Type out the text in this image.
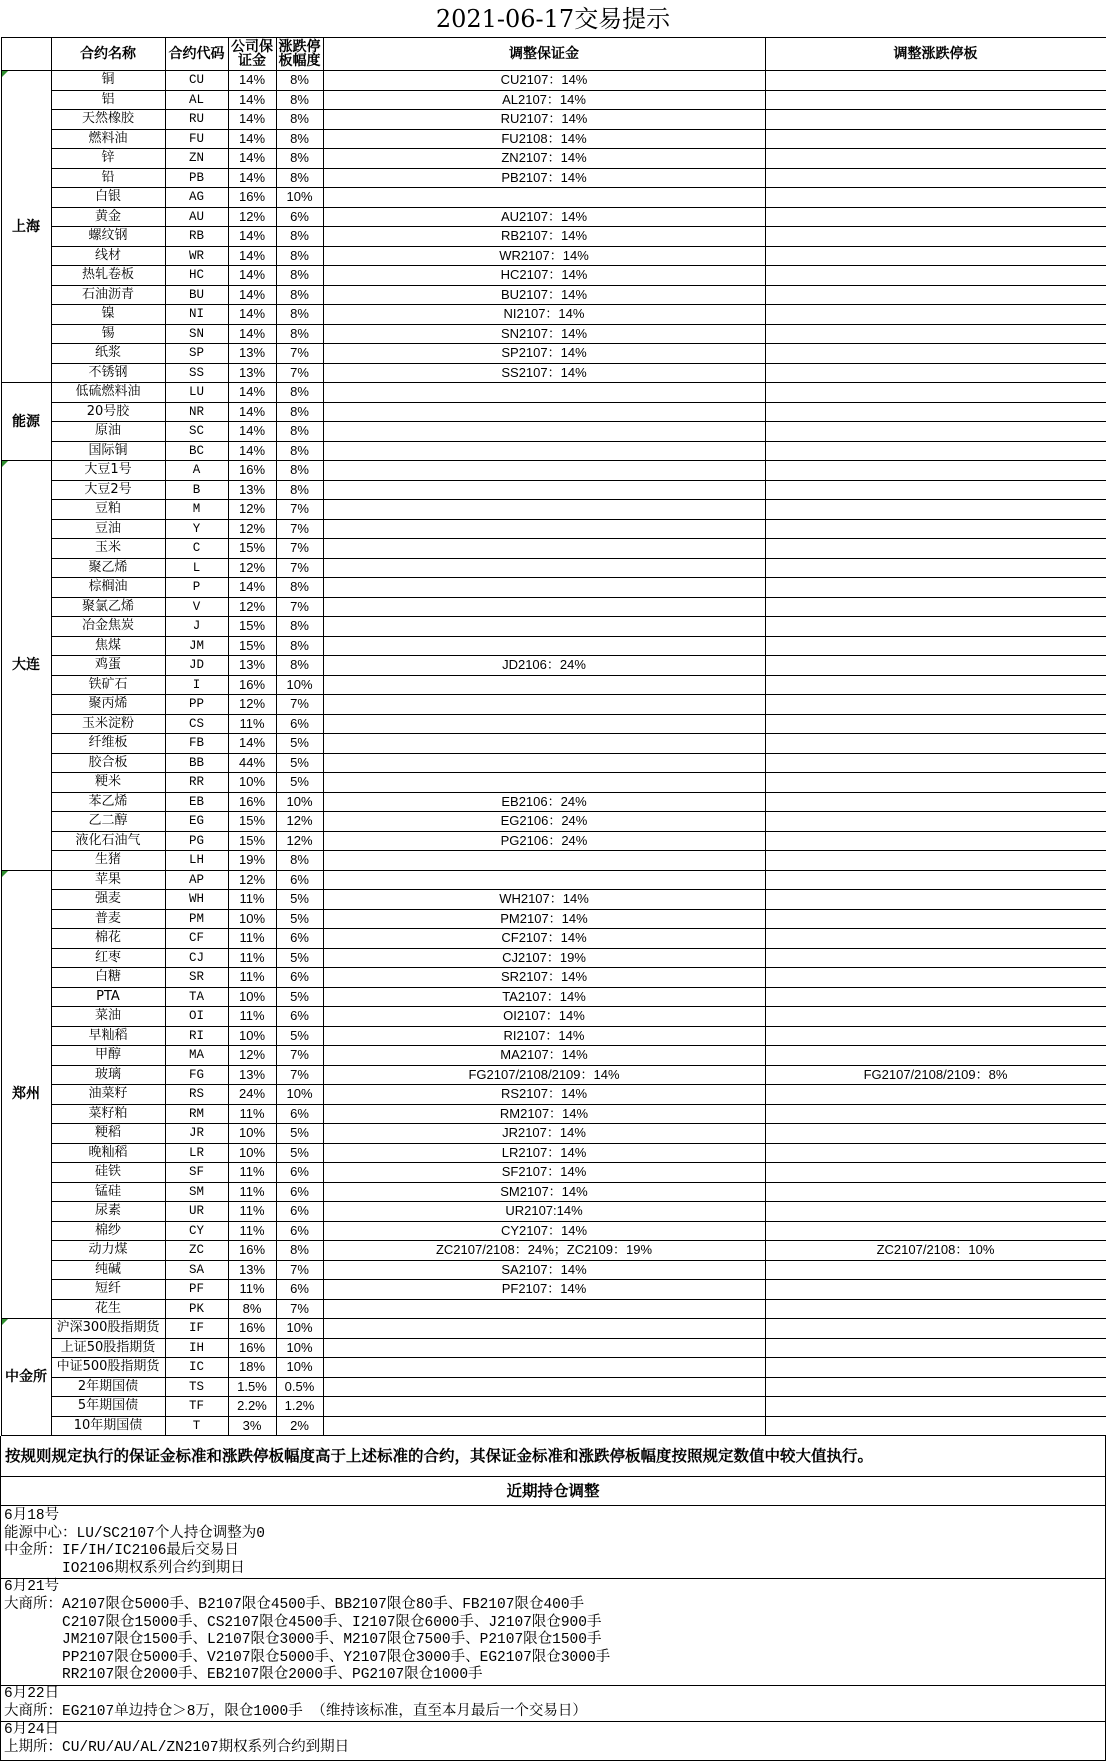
2021-06-17交易提示
	合约名称	合约代码	公司保证金	涨跌停板幅度	调整保证金	调整涨跌停板

上海	铜	CU	14%	8%	CU2107：14%	
	铝	AL	14%	8%	AL2107：14%	
	天然橡胶	RU	14%	8%	RU2107：14%	
	燃料油	FU	14%	8%	FU2108：14%	
	锌	ZN	14%	8%	ZN2107：14%	
	铅	PB	14%	8%	PB2107：14%	
	白银	AG	16%	10%		
	黄金	AU	12%	6%	AU2107：14%	
	螺纹钢	RB	14%	8%	RB2107：14%	
	线材	WR	14%	8%	WR2107：14%	
	热轧卷板	HC	14%	8%	HC2107：14%	
	石油沥青	BU	14%	8%	BU2107：14%	
	镍	NI	14%	8%	NI2107：14%	
	锡	SN	14%	8%	SN2107：14%	
	纸浆	SP	13%	7%	SP2107：14%	
	不锈钢	SS	13%	7%	SS2107：14%	
能源	低硫燃料油	LU	14%	8%		
	20号胶	NR	14%	8%		
	原油	SC	14%	8%		
	国际铜	BC	14%	8%		

大连	大豆1号	A	16%	8%		
	大豆2号	B	13%	8%		
	豆粕	M	12%	7%		
	豆油	Y	12%	7%		
	玉米	C	15%	7%		
	聚乙烯	L	12%	7%		
	棕榈油	P	14%	8%		
	聚氯乙烯	V	12%	7%		
	冶金焦炭	J	15%	8%		
	焦煤	JM	15%	8%		
	鸡蛋	JD	13%	8%	JD2106：24%	
	铁矿石	I	16%	10%		
	聚丙烯	PP	12%	7%		
	玉米淀粉	CS	11%	6%		
	纤维板	FB	14%	5%		
	胶合板	BB	44%	5%		
	粳米	RR	10%	5%		
	苯乙烯	EB	16%	10%	EB2106：24%	
	乙二醇	EG	15%	12%	EG2106：24%	
	液化石油气	PG	15%	12%	PG2106：24%	
	生猪	LH	19%	8%		

郑州	苹果	AP	12%	6%		
	强麦	WH	11%	5%	WH2107：14%	
	普麦	PM	10%	5%	PM2107：14%	
	棉花	CF	11%	6%	CF2107：14%	
	红枣	CJ	11%	5%	CJ2107：19%	
	白糖	SR	11%	6%	SR2107：14%	
	PTA	TA	10%	5%	TA2107：14%	
	菜油	OI	11%	6%	OI2107：14%	
	早籼稻	RI	10%	5%	RI2107：14%	
	甲醇	MA	12%	7%	MA2107：14%	
	玻璃	FG	13%	7%	FG2107/2108/2109：14%	FG2107/2108/2109：8%
	油菜籽	RS	24%	10%	RS2107：14%	
	菜籽粕	RM	11%	6%	RM2107：14%	
	粳稻	JR	10%	5%	JR2107：14%	
	晚籼稻	LR	10%	5%	LR2107：14%	
	硅铁	SF	11%	6%	SF2107：14%	
	锰硅	SM	11%	6%	SM2107：14%	
	尿素	UR	11%	6%	UR2107:14%	
	棉纱	CY	11%	6%	CY2107：14%	
	动力煤	ZC	16%	8%	ZC2107/2108：24%；ZC2109：19%	ZC2107/2108：10%
	纯碱	SA	13%	7%	SA2107：14%	
	短纤	PF	11%	6%	PF2107：14%	
	花生	PK	8%	7%		

中金所	沪深300股指期货	IF	16%	10%		
	上证50股指期货	IH	16%	10%		
	中证500股指期货	IC	18%	10%		
	2年期国债	TS	1.5%	0.5%		
	5年期国债	TF	2.2%	1.2%		
	10年期国债	T	3%	2%		
按规则规定执行的保证金标准和涨跌停板幅度高于上述标准的合约，其保证金标准和涨跌停板幅度按照规定数值中较大值执行。
近期持仓调整
6月18号
能源中心： LU/SC2107个人持仓调整为0
中金所： IF/IH/IC2106最后交易日
IO2106期权系列合约到期日
6月21号
大商所： A2107限仓5000手、B2107限仓4500手、BB2107限仓80手、FB2107限仓400手
C2107限仓15000手、CS2107限仓4500手、I2107限仓6000手、J2107限仓900手
JM2107限仓1500手、L2107限仓3000手、M2107限仓7500手、P2107限仓1500手
PP2107限仓5000手、V2107限仓5000手、Y2107限仓3000手、EG2107限仓3000手
RR2107限仓2000手、EB2107限仓2000手、PG2107限仓1000手
6月22日
大商所： EG2107单边持仓＞8万，限仓1000手 （维持该标准，直至本月最后一个交易日）
6月24日
上期所： CU/RU/AU/AL/ZN2107期权系列合约到期日
